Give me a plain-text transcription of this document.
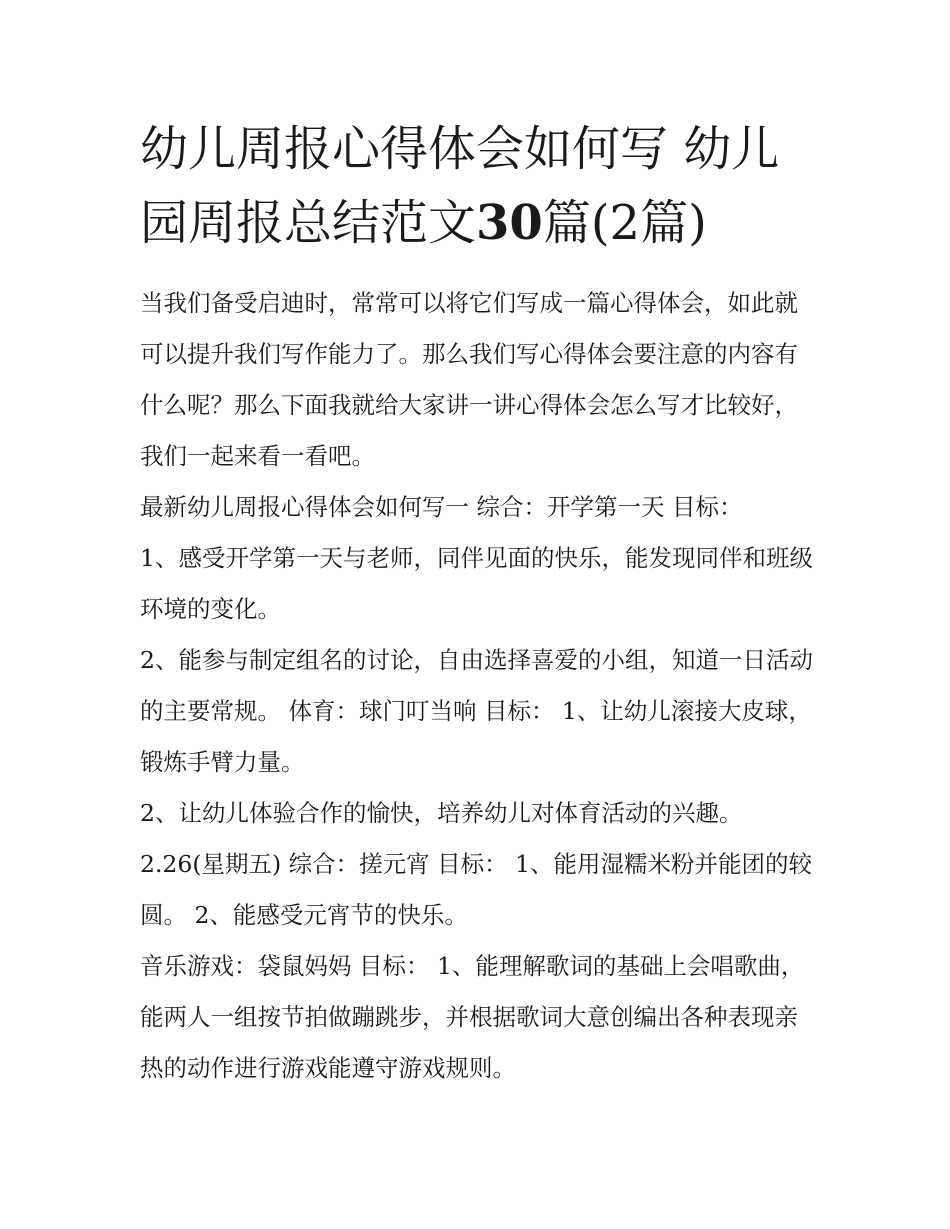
幼儿周报心得体会如何写 幼儿园周报总结范文30篇(2篇)

当我们备受启迪时，常常可以将它们写成一篇心得体会，如此就可以提升我们写作能力了。那么我们写心得体会要注意的内容有什么呢？那么下面我就给大家讲一讲心得体会怎么写才比较好，我们一起来看一看吧。

最新幼儿周报心得体会如何写一 综合：开学第一天 目标：

1、感受开学第一天与老师，同伴见面的快乐，能发现同伴和班级环境的变化。

2、能参与制定组名的讨论，自由选择喜爱的小组，知道一日活动的主要常规。 体育：球门叮当响 目标： 1、让幼儿滚接大皮球，锻炼手臂力量。

2、让幼儿体验合作的愉快，培养幼儿对体育活动的兴趣。

2.26(星期五) 综合：搓元宵 目标： 1、能用湿糯米粉并能团的较圆。 2、能感受元宵节的快乐。

音乐游戏：袋鼠妈妈 目标： 1、能理解歌词的基础上会唱歌曲，能两人一组按节拍做蹦跳步，并根据歌词大意创编出各种表现亲热的动作进行游戏能遵守游戏规则。
